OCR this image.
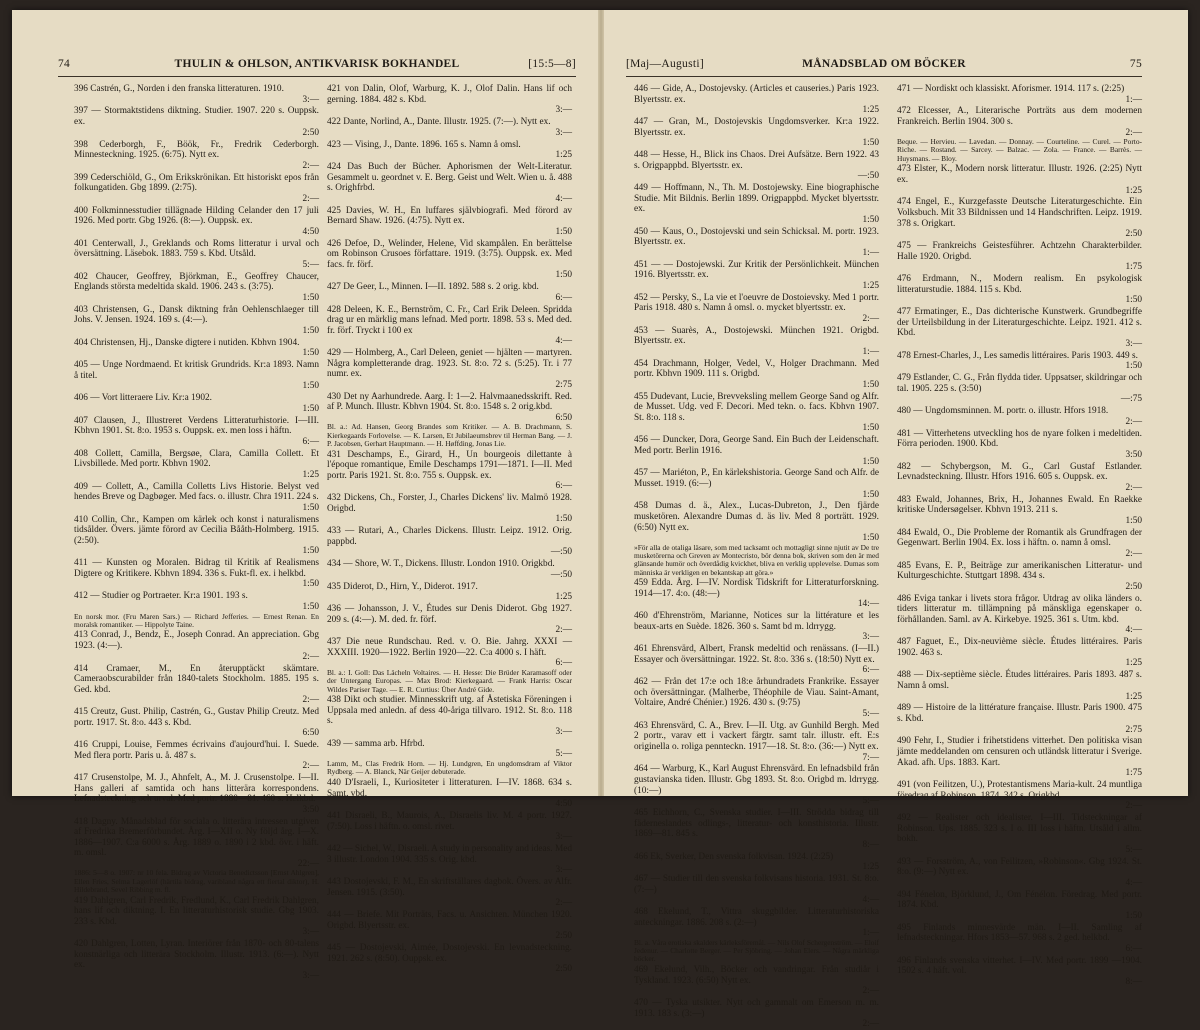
74	THULIN & OHLSON, ANTIKVARISK BOKHANDEL	[15:5—8]
396 Castrén, G., Norden i den franska litteraturen. 1910.
3:—
397 — Stormaktstidens diktning. Studier. 1907. 220 s. Ouppsk. ex.
2:50
398 Cederborgh, F., Böök, Fr., Fredrik Cederborgh. Minnesteckning. 1925. (6:75). Nytt ex.
2:—
399 Cederschiöld, G., Om Erikskrönikan. Ett historiskt epos från folkungatiden. Gbg 1899. (2:75).
2:—
400 Folkminnesstudier tillägnade Hilding Celander den 17 juli 1926. Med portr. Gbg 1926. (8:—). Ouppsk. ex.
4:50
401 Centerwall, J., Greklands och Roms litteratur i urval och översättning. Läsebok. 1883. 759 s. Kbd. Utsåld.
5:—
402 Chaucer, Geoffrey, Björkman, E., Geoffrey Chaucer, Englands största medeltida skald. 1906. 243 s. (3:75).
1:50
403 Christensen, G., Dansk diktning från Oehlenschlaeger till Johs. V. Jensen. 1924. 169 s. (4:—).
1:50
404 Christensen, Hj., Danske digtere i nutiden. Kbhvn 1904.
1:50
405 — Unge Nordmaend. Et kritisk Grundrids. Kr:a 1893. Namn å titel.
1:50
406 — Vort litteraere Liv. Kr:a 1902.
1:50
407 Clausen, J., Illustreret Verdens Litteraturhistorie. I—III. Kbhvn 1901. St. 8:o. 1953 s. Ouppsk. ex. men loss i häftn.
6:—
408 Collett, Camilla, Bergsøe, Clara, Camilla Collett. Et Livsbillede. Med portr. Kbhvn 1902.
1:25
409 — Collett, A., Camilla Colletts Livs Historie. Belyst ved hendes Breve og Dagbøger. Med facs. o. illustr. Chra 1911. 224 s.
1:50
410 Collin, Chr., Kampen om kärlek och konst i naturalismens tidsålder. Övers. jämte förord av Cecilia Bååth-Holmberg. 1915. (2:50).
1:50
411 — Kunsten og Moralen. Bidrag til Kritik af Realismens Digtere og Kritikere. Kbhvn 1894. 336 s. Fukt-fl. ex. i helkbd.
1:50
412 — Studier og Portraeter. Kr:a 1901. 193 s.
1:50
En norsk mor. (Fru Maren Sars.) — Richard Jefferies. — Ernest Renan. En moralsk romantiker. — Hippolyte Taine.
413 Conrad, J., Bendz, E., Joseph Conrad. An appreciation. Gbg 1923. (4:—).
2:—
414 Cramaer, M., En återupptäckt skämtare. Cameraobscurabilder från 1840-talets Stockholm. 1885. 195 s. Ged. kbd.
2:—
415 Creutz, Gust. Philip, Castrén, G., Gustav Philip Creutz. Med portr. 1917. St. 8:o. 443 s. Kbd.
6:50
416 Cruppi, Louise, Femmes écrivains d'aujourd'hui. I. Suede. Med flera portr. Paris u. å. 487 s.
2:—
417 Crusenstolpe, M. J., Ahnfelt, A., M. J. Crusenstolpe. I—II. Hans galleri af samtida och hans litterära korrespondens. Lefnadsteckning och urval. Med portr. 1880—81. 460 s. Helkbd.
3:50
418 Dagny. Månadsblad för sociala o. litterära intressen utgiven af Fredrika Bremerförbundet. Årg. I—XII o. Ny följd årg. I—X. 1886—1907. C:a 6000 s. Årg. 1889 o. 1890 i 2 kbd. övr. i häft. m. omsl.
22:—
1886: 5—8 o. 1907: nr 10 fela. Bidrag av Victoria Benedictsson [Ernst Ahlgren], Ellen Fries, Selma Lagerlöf (härtila bidrag, varibland några ett fiertal diktor), H. Hildebrand, Sevel Ribbing m. fl.
419 Dahlgren, Carl Fredrik, Fredlund, K., Carl Fredrik Dahlgren, hans lif och diktning. I. En litteraturhistorisk studie. Gbg 1903. 233 s. Kbd.
3:—
420 Dahlgren, Lotten, Lyran. Interiörer från 1870- och 80-talens konstnärliga och litterära Stockholm. Illustr. 1913. (6:—). Nytt ex.
3:—
421 von Dalin, Olof, Warburg, K. J., Olof Dalin. Hans lif och gerning. 1884. 482 s. Kbd.
3:—
422 Dante, Norlind, A., Dante. Illustr. 1925. (7:—). Nytt ex.
3:—
423 — Vising, J., Dante. 1896. 165 s. Namn å omsl.
1:25
424 Das Buch der Bücher. Aphorismen der Welt-Literatur. Gesammelt u. geordnet v. E. Berg. Geist und Welt. Wien u. å. 488 s. Orighfrbd.
4:—
425 Davies, W. H., En luffares självbiografi. Med förord av Bernard Shaw. 1926. (4:75). Nytt ex.
1:50
426 Defoe, D., Welinder, Helene, Vid skampålen. En berättelse om Robinson Crusoes författare. 1919. (3:75). Ouppsk. ex. Med facs. fr. förf.
1:50
427 De Geer, L., Minnen. I—II. 1892. 588 s. 2 orig. kbd.
6:—
428 Deleen, K. E., Bernström, C. Fr., Carl Erik Deleen. Spridda drag ur en märklig mans lefnad. Med portr. 1898. 53 s. Med ded. fr. förf. Tryckt i 100 ex
4:—
429 — Holmberg, A., Carl Deleen, geniet — hjälten — martyren. Några kompletterande drag. 1923. St. 8:o. 72 s. (5:25). Tr. i 77 numr. ex.
2:75
430 Det ny Aarhundrede. Aarg. I: 1—2. Halvmaanedsskrift. Red. af P. Munch. Illustr. Kbhvn 1904. St. 8:o. 1548 s. 2 orig.kbd.
6:50
Bl. a.: Ad. Hansen, Georg Brandes som Kritiker. — A. B. Drachmann, S. Kierkegaards Forlovelse. — K. Larsen, Et Jubilaeumsbrev til Herman Bang. — J. P. Jacobsen, Gerhart Hauptmann. — H. Høffding, Jonas Lie.
431 Deschamps, E., Girard, H., Un bourgeois dilettante à l'époque romantique, Emile Deschamps 1791—1871. I—II. Med portr. Paris 1921. St. 8:o. 755 s. Ouppsk. ex.
6:—
432 Dickens, Ch., Forster, J., Charles Dickens' liv. Malmö 1928. Origbd.
1:50
433 — Rutari, A., Charles Dickens. Illustr. Leipz. 1912. Orig. pappbd.
—:50
434 — Shore, W. T., Dickens. Illustr. London 1910. Origkbd.
—:50
435 Diderot, D., Hirn, Y., Diderot. 1917.
1:25
436 — Johansson, J. V., Études sur Denis Diderot. Gbg 1927. 209 s. (4:—). M. ded. fr. förf.
2:—
437 Die neue Rundschau. Red. v. O. Bie. Jahrg. XXXI —XXXIII. 1920—1922. Berlin 1920—22. C:a 4000 s. I häft.
6:—
Bl. a.: I. Goll: Das Lächeln Voltaires. — H. Hesse: Die Brüder Karamasoff oder der Untergang Europas. — Max Brod: Kierkegaard. — Frank Harris: Oscar Wildes Pariser Tage. — E. R. Curtius: Über André Gide.
438 Dikt och studier. Minnesskrift utg. af Åstetiska Föreningen i Uppsala med anledn. af dess 40-åriga tillvaro. 1912. St. 8:o. 118 s.
3:—
439 — samma arb. Hfrbd.
5:—
Lamm, M., Clas Fredrik Horn. — Hj. Lundgren, En ungdomsdram af Viktor Rydberg. — A. Blanck, När Geijer debuterade.
440 D'Israeli, I., Kuriositeter i litteraturen. I—IV. 1868. 634 s. Samt. vbd.
4:50
441 Disraeli, B., Maurois, A., Disraelis liv. M. 4 portr. 1927. (7:50). Loss i häftn. o. omsl. rivet.
3:—
442 — Sichel, W., Disraeli. A study in personality and ideas. Med 3 illustr. London 1904. 335 s. Orig. kbd.
3:—
443 Dostojevski, F. M., En skriftställares dagbok. Övers. av Alfr. Jensen. 1915. (3:50).
2:—
444 — Briefe. Mit Porträts, Facs. u. Ansichten. München 1920. Origbd. Blyertsstr. ex.
2:50
445 — Dostojevski, Aimée, Dostojevski. En levnadsteckning. 1921. 262 s. (8:50). Ouppsk. ex.
2:50
[Maj—Augusti]	MÅNADSBLAD OM BÖCKER	75
446 — Gide, A., Dostojevsky. (Articles et causeries.) Paris 1923. Blyertsstr. ex.
1:25
447 — Gran, M., Dostojevskis Ungdomsverker. Kr:a 1922. Blyertsstr. ex.
1:50
448 — Hesse, H., Blick ins Chaos. Drei Aufsätze. Bern 1922. 43 s. Origpappbd. Blyertsstr. ex.
—:50
449 — Hoffmann, N., Th. M. Dostojewsky. Eine biographische Studie. Mit Bildnis. Berlin 1899. Origpappbd. Mycket blyertsstr. ex.
1:50
450 — Kaus, O., Dostojevski und sein Schicksal. M. portr. 1923. Blyertsstr. ex.
1:—
451 — — Dostojewski. Zur Kritik der Persönlichkeit. München 1916. Blyertsstr. ex.
1:25
452 — Persky, S., La vie et l'oeuvre de Dostoievsky. Med 1 portr. Paris 1918. 480 s. Namn å omsl. o. mycket blyertsstr. ex.
2:—
453 — Suarès, A., Dostojewski. München 1921. Origbd. Blyertsstr. ex.
1:—
454 Drachmann, Holger, Vedel, V., Holger Drachmann. Med portr. Kbhvn 1909. 111 s. Origbd.
1:50
455 Dudevant, Lucie, Brevveksling mellem George Sand og Alfr. de Musset. Udg. ved F. Decori. Med tekn. o. facs. Kbhvn 1907. St. 8:o. 118 s.
1:50
456 — Duncker, Dora, George Sand. Ein Buch der Leidenschaft. Med portr. Berlin 1916.
1:50
457 — Mariéton, P., En kärlekshistoria. George Sand och Alfr. de Musset. 1919. (6:—)
1:50
458 Dumas d. ä., Alex., Lucas-Dubreton, J., Den fjärde musketören. Alexandre Dumas d. äs liv. Med 8 porträtt. 1929. (6:50) Nytt ex.
1:50
»För alla de otaliga läsare, som med tacksamt och mottagligt sinne njutit av De tre musketörerna och Greven av Montecristo, bör denna bok, skriven som den är med glänsande humör och överdådig kvickhet, bliva en verklig upplevelse. Dumas som människa är verkligen en bekantskap att göra.»
459 Edda. Årg. I—IV. Nordisk Tidskrift for Litteraturforskning. 1914—17. 4:o. (48:—)
14:—
460 d'Ehrenström, Marianne, Notices sur la littérature et les beaux-arts en Suède. 1826. 360 s. Samt bd m. ldrrygg.
3:—
461 Ehrensvärd, Albert, Fransk medeltid och renässans. (I—II.) Essayer och översättningar. 1922. St. 8:o. 336 s. (18:50) Nytt ex.
6:—
462 — Från det 17:e och 18:e århundradets Frankrike. Essayer och översättningar. (Malherbe, Théophile de Viau. Saint-Amant, Voltaire, André Chénier.) 1926. 430 s. (9:75)
5:—
463 Ehrensvärd, C. A., Brev. I—II. Utg. av Gunhild Bergh. Med 2 portr., varav ett i vackert färgtr. samt talr. illustr. eft. E:s originella o. roliga pennteckn. 1917—18. St. 8:o. (36:—) Nytt ex.
7:—
464 — Warburg, K., Karl August Ehrensvärd. En lefnadsbild från gustavianska tiden. Illustr. Gbg 1893. St. 8:o. Origbd m. ldrrygg. (10:—)
5:—
465 Eichhorn, C., Svenska studier. I—III. Strödda bidrag till fäderneslandets odlings-, litteratur- och konsthistoria. Illustr. 1869—81. 845 s.
8:—
466 Ek, Sverker, Den svenska folkvisan. 1924. (2:25)
1:25
467 — Studier till den svenska folkvisans historia. 1931. St. 8:o. (7:—)
4:—
468 Ekelund, T., Vittra skuggbilder. Litteraturhistoriska anteckningar. 1886. 208 s. (2:—)
1:—
Bl. a. Våra erotiska skalders kärleksföremål. — Nils Olof Schergenström. — Eloif Jedenur. — Charlotte Berger. — Per Sjöbring. — Johan Elers. — Några märkliga böcker.
469 Ekelund, Vilh., Böcker och vandringar. Från studiår i Tyskland. 1923. (6:50) Nytt ex.
2:—
470 — Tyska utsikter. Nytt och gammalt om Emerson m. m. 1913. 183 s. (3:—)
2:—
471 — Nordiskt och klassiskt. Aforismer. 1914. 117 s. (2:25)
1:—
472 Elcesser, A., Literarische Porträts aus dem modernen Frankreich. Berlin 1904. 300 s.
2:—
Beque. — Hervieu. — Lavedan. — Donnay. — Courteline. — Curel. — Porto-Riche. — Rostand. — Sarcey. — Balzac. — Zola. — France. — Barrès. — Huysmans. — Bloy.
473 Elster, K., Modern norsk litteratur. Illustr. 1926. (2:25) Nytt ex.
1:25
474 Engel, E., Kurzgefasste Deutsche Literaturgeschichte. Ein Volksbuch. Mit 33 Bildnissen und 14 Handschriften. Leipz. 1919. 378 s. Origkart.
2:50
475 — Frankreichs Geistesführer. Achtzehn Charakterbilder. Halle 1920. Origbd.
1:75
476 Erdmann, N., Modern realism. En psykologisk litteraturstudie. 1884. 115 s. Kbd.
1:50
477 Ermatinger, E., Das dichterische Kunstwerk. Grundbegriffe der Urteilsbildung in der Literaturgeschichte. Leipz. 1921. 412 s. Kbd.
3:—
478 Ernest-Charles, J., Les samedis littéraires. Paris 1903. 449 s.
1:50
479 Estlander, C. G., Från flydda tider. Uppsatser, skildringar och tal. 1905. 225 s. (3:50)
—:75
480 — Ungdomsminnen. M. portr. o. illustr. Hfors 1918.
2:—
481 — Vitterhetens utveckling hos de nyare folken i medeltiden. Förra perioden. 1900. Kbd.
3:50
482 — Schybergson, M. G., Carl Gustaf Estlander. Levnadsteckning. Illustr. Hfors 1916. 605 s. Ouppsk. ex.
2:—
483 Ewald, Johannes, Brix, H., Johannes Ewald. En Raekke kritiske Undersøgelser. Kbhvn 1913. 211 s.
1:50
484 Ewald, O., Die Probleme der Romantik als Grundfragen der Gegenwart. Berlin 1904. Ex. loss i häftn. o. namn å omsl.
2:—
485 Evans, E. P., Beiträge zur amerikanischen Litteratur- und Kulturgeschichte. Stuttgart 1898. 434 s.
2:50
486 Eviga tankar i livets stora frågor. Utdrag av olika länders o. tiders litteratur m. tillämpning på mänskliga egenskaper o. förhållanden. Saml. av A. Kirkebye. 1925. 361 s. Utm. kbd.
4:—
487 Faguet, E., Dix-neuvième siècle. Études littéraires. Paris 1902. 463 s.
1:25
488 — Dix-septième siècle. Études littéraires. Paris 1893. 487 s. Namn å omsl.
1:25
489 — Histoire de la littérature française. Illustr. Paris 1900. 475 s. Kbd.
2:75
490 Fehr, I., Studier i frihetstidens vitterhet. Den politiska visan jämte meddelanden om censuren och utländsk litteratur i Sverige. Akad. afh. Ups. 1883. Kart.
1:75
491 (von Feilitzen, U.), Protestantismens Maria-kult. 24 muntliga föredrag af Robinson. 1874. 342 s. Origkbd.
2:—
492 — Realister och idealister. I—III. Tidsteckningar af Robinson. Ups. 1885. 323 s. I o. III loss i häftn. Utsåld i allm. bokh.
5:—
493 — Forsström, A., von Feilitzen, »Robinson«. Gbg 1924. St. 8:o. (9:—) Nytt ex.
4:—
494 Fénelon, Björklund, J., Om Fénélon. Föredrag. Med portr. 1874. Kbd.
1:50
495 Finlands minnesvärde män. I—II. Samling af lefnadsteckningar. Hfors 1853—57. 968 s. 2 ged. helkbd.
6:—
496 Finlands svenska vitterhet. I—IV. Med portr. 1899 —1904. 1502 s. 4 häft. vol.
8:—
